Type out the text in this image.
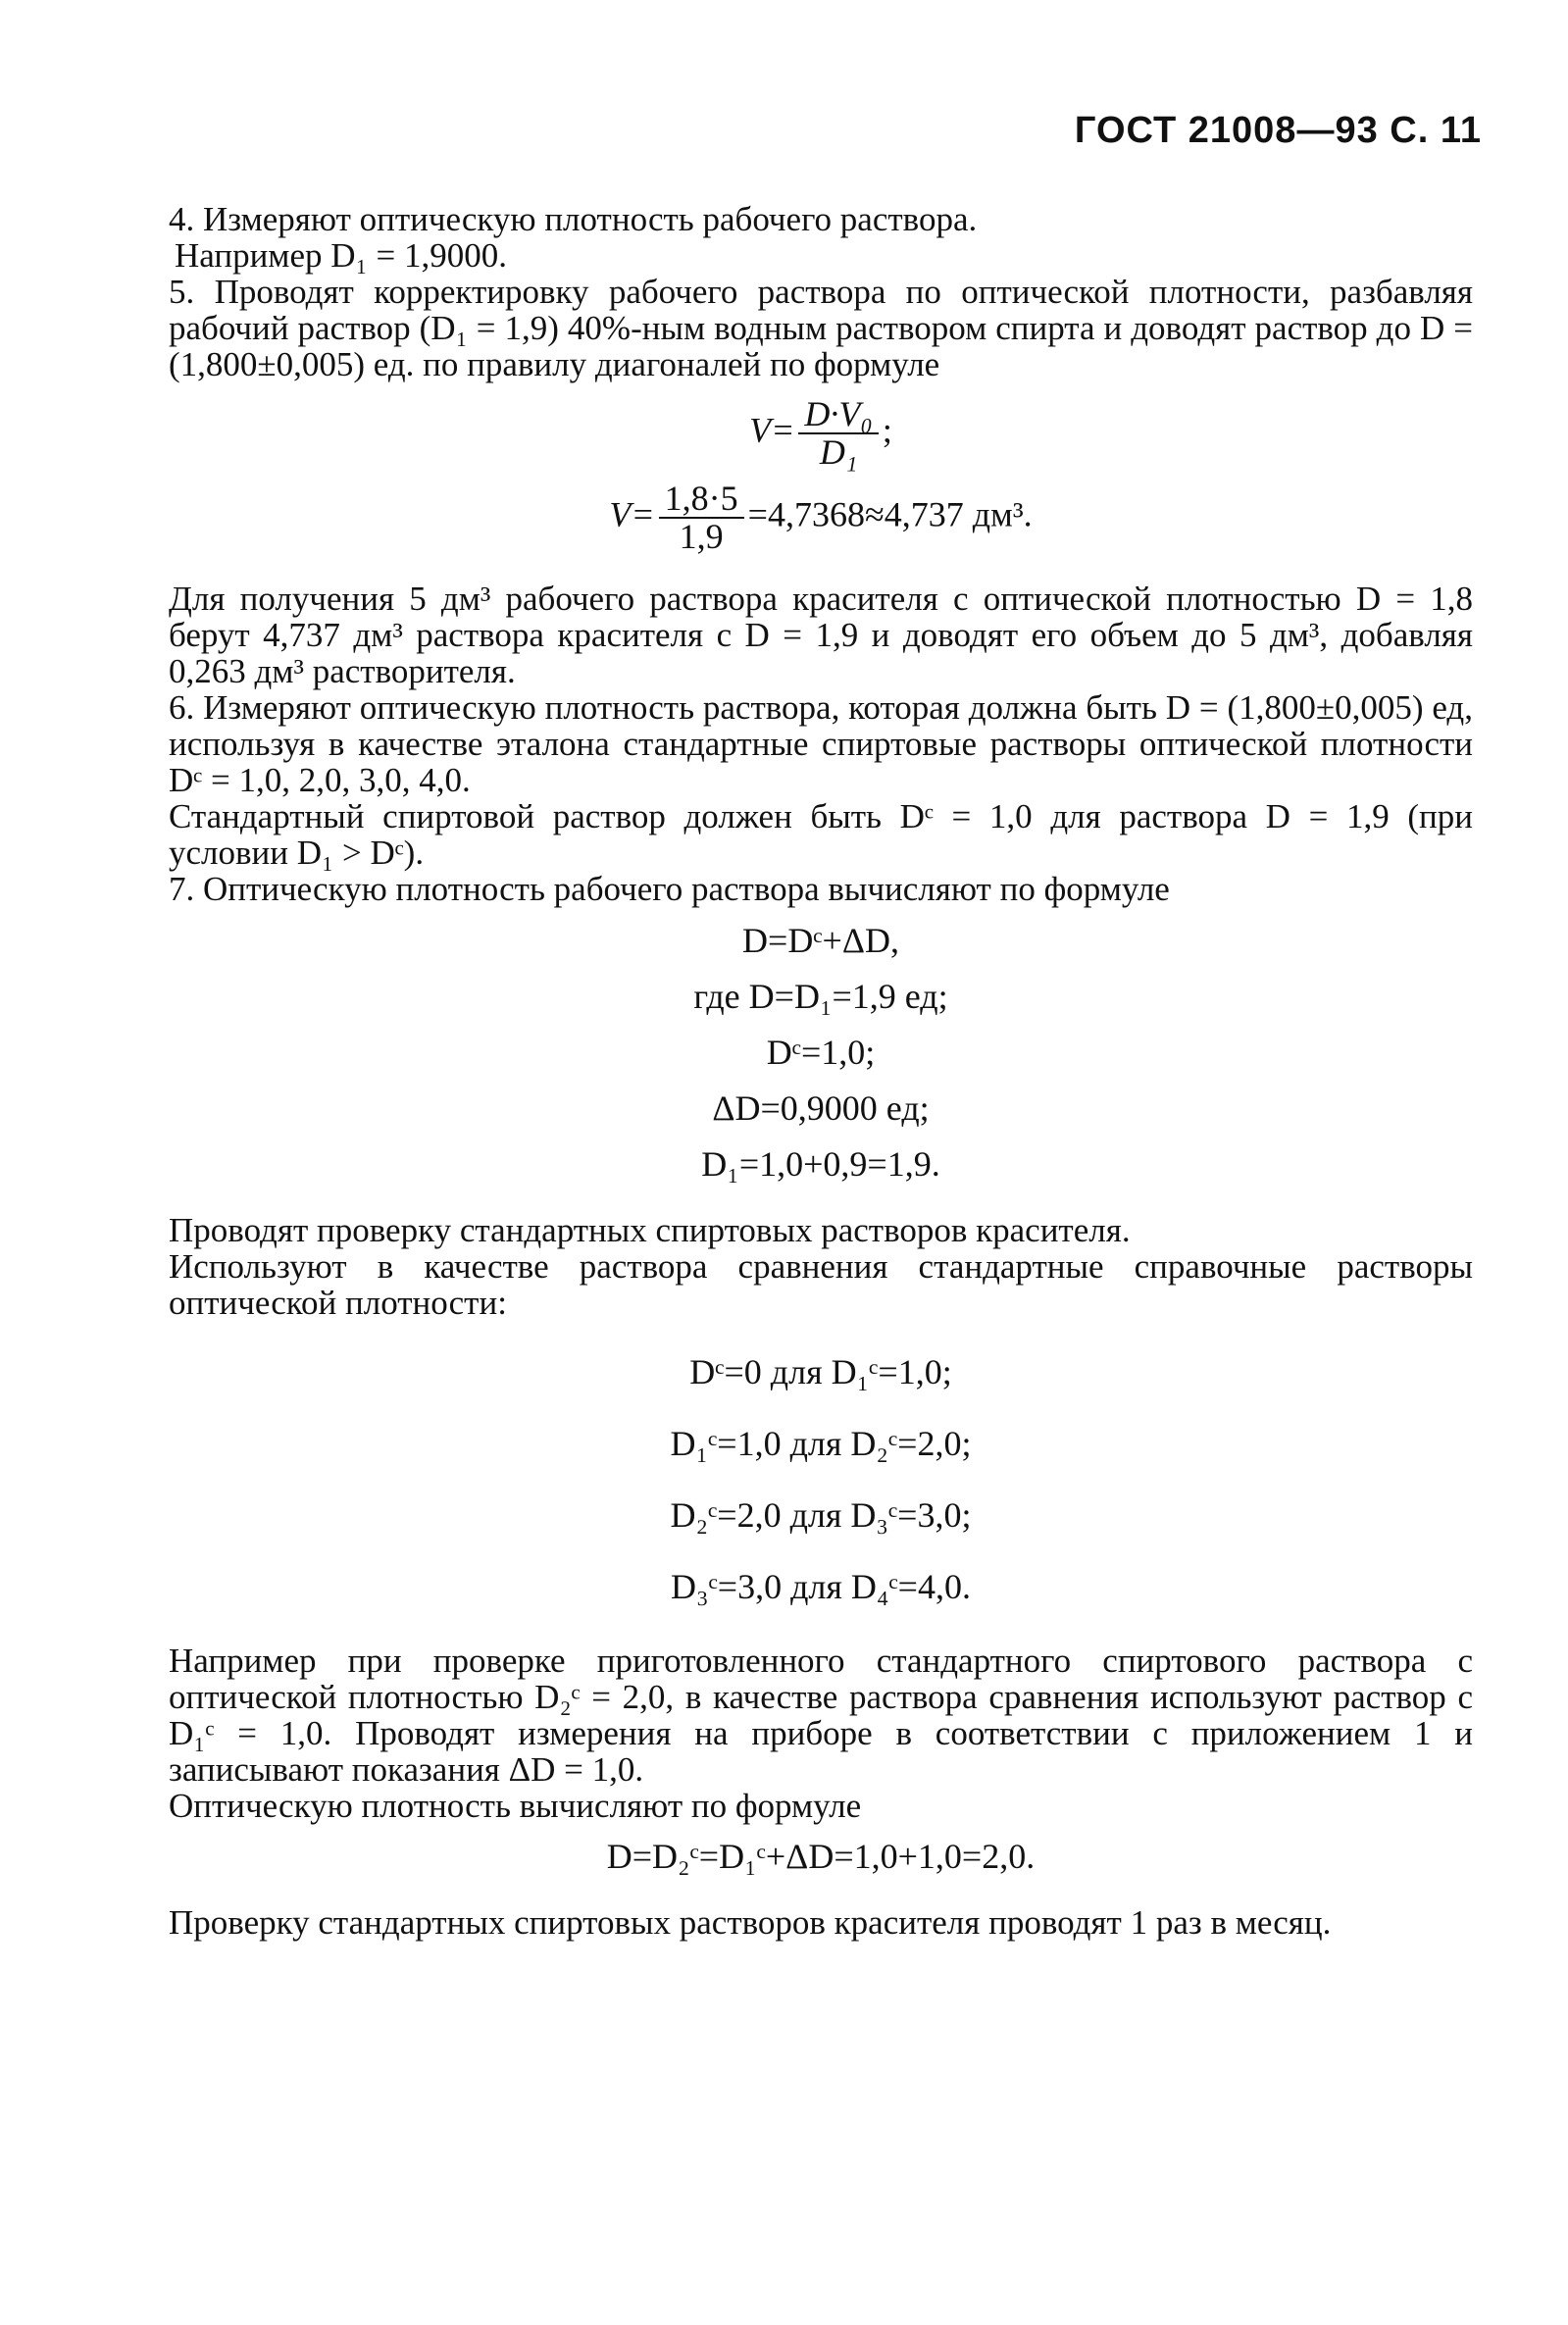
ГОСТ 21008—93 С. 11

4. Измеряют оптическую плотность рабочего раствора.

Например D₁ = 1,9000.

5. Проводят корректировку рабочего раствора по оптической плотности, разбавляя рабочий раствор (D₁ = 1,9) 40%-ным водным раствором спирта и доводят раствор до D = (1,800±0,005) ед. по правилу диагоналей по формуле

$V= \frac{\text{D·V₀}}{\text{D₁}}$ ;
$V= \frac{1,8\cdot 5}{1,9} =4,7368\approx 4,737$ дм³.

Для получения 5 дм³ рабочего раствора красителя с оптической плотностью D = 1,8 берут 4,737 дм³ раствора красителя с D = 1,9 и доводят его объем до 5 дм³, добавляя 0,263 дм³ растворителя.

6. Измеряют оптическую плотность раствора, которая должна быть D = (1,800±0,005) ед, используя в качестве эталона стандартные спиртовые растворы оптической плотности Dᶜ = 1,0, 2,0, 3,0, 4,0.

Стандартный спиртовой раствор должен быть Dᶜ = 1,0 для раствора D = 1,9 (при условии D₁ > Dᶜ).

7. Оптическую плотность рабочего раствора вычисляют по формуле

D=Dᶜ+ΔD,
где D=D₁=1,9 ед;
Dᶜ=1,0;
ΔD=0,9000 ед;
D₁=1,0+0,9=1,9.

Проводят проверку стандартных спиртовых растворов красителя.

Используют в качестве раствора сравнения стандартные справочные растворы оптической плотности:

Dᶜ=0 для D₁ᶜ=1,0;
D₁ᶜ=1,0 для D₂ᶜ=2,0;
D₂ᶜ=2,0 для D₃ᶜ=3,0;
D₃ᶜ=3,0 для D₄ᶜ=4,0.

Например при проверке приготовленного стандартного спиртового раствора с оптической плотностью D₂ᶜ = 2,0, в качестве раствора сравнения используют раствор с D₁ᶜ = 1,0. Проводят измерения на приборе в соответствии с приложением 1 и записывают показания ΔD = 1,0.

Оптическую плотность вычисляют по формуле

D=D₂ᶜ=D₁ᶜ+ΔD=1,0+1,0=2,0.

Проверку стандартных спиртовых растворов красителя проводят 1 раз в месяц.
